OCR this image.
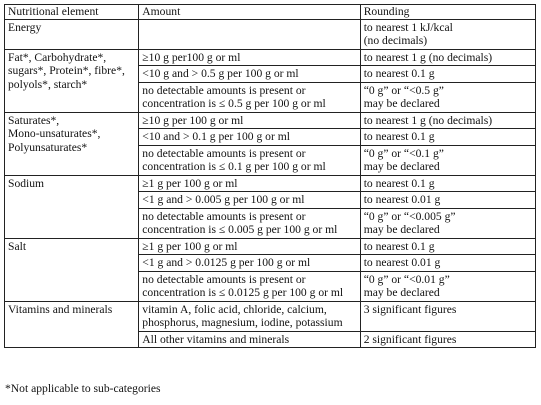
Nutritional element	Amount	Rounding
Energy		to nearest 1 kJ/kcal
(no decimals)
Fat*, Carbohydrate*,
sugars*, Protein*, fibre*,
polyols*, starch*	≥10 g per100 g or ml	to nearest 1 g (no decimals)
	<10 g and > 0.5 g per 100 g or ml	to nearest 0.1 g
	no detectable amounts is present or
concentration is ≤ 0.5 g per 100 g or ml	“0 g” or “<0.5 g”
may be declared
Saturates*,
Mono-unsaturates*,
Polyunsaturates*	≥10 g per 100 g or ml	to nearest 1 g (no decimals)
	<10 and > 0.1 g per 100 g or ml	to nearest 0.1 g
	no detectable amounts is present or
concentration is ≤ 0.1 g per 100 g or ml	“0 g” or “<0.1 g”
may be declared
Sodium	≥1 g per 100 g or ml	to nearest 0.1 g
	<1 g and > 0.005 g per 100 g or ml	to nearest 0.01 g
	no detectable amounts is present or
concentration is ≤ 0.005 g per 100 g or ml	“0 g” or “<0.005 g”
may be declared
Salt	≥1 g per 100 g or ml	to nearest 0.1 g
	<1 g and > 0.0125 g per 100 g or ml	to nearest 0.01 g
	no detectable amounts is present or
concentration is ≤ 0.0125 g per 100 g or ml	“0 g” or “<0.01 g”
may be declared
Vitamins and minerals	vitamin A, folic acid, chloride, calcium,
phosphorus, magnesium, iodine, potassium	3 significant figures
	All other vitamins and minerals	2 significant figures
*Not applicable to sub-categories
